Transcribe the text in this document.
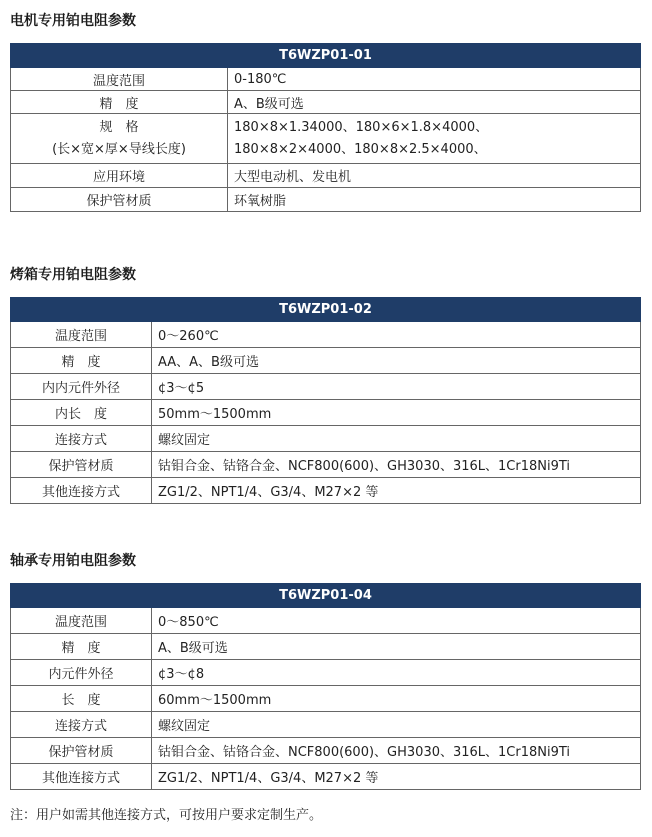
电机专用铂电阻参数
T6WZP01-01	
温度范围	0-180℃
精　度	A、B级可选

规　格
(长×宽×厚×导线长度)	180×8×1.34000、180×6×1.8×4000、
180×8×2×4000、180×8×2.5×4000、

应用环境	大型电动机、发电机
保护管材质	环氧树脂
烤箱专用铂电阻参数
T6WZP01-02	
温度范围	0～260℃
精　度	AA、A、B级可选
内内元件外径	¢3～¢5
内长　度	50mm～1500mm
连接方式	螺纹固定
保护管材质	钴钼合金、钴铬合金、NCF800(600)、GH3030、316L、1Cr18Ni9Ti
其他连接方式	ZG1/2、NPT1/4、G3/4、M27×2 等
轴承专用铂电阻参数
T6WZP01-04	
温度范围	0～850℃
精　度	A、B级可选
内元件外径	¢3～¢8
长　度	60mm～1500mm
连接方式	螺纹固定
保护管材质	钴钼合金、钴铬合金、NCF800(600)、GH3030、316L、1Cr18Ni9Ti
其他连接方式	ZG1/2、NPT1/4、G3/4、M27×2 等
注：用户如需其他连接方式，可按用户要求定制生产。
